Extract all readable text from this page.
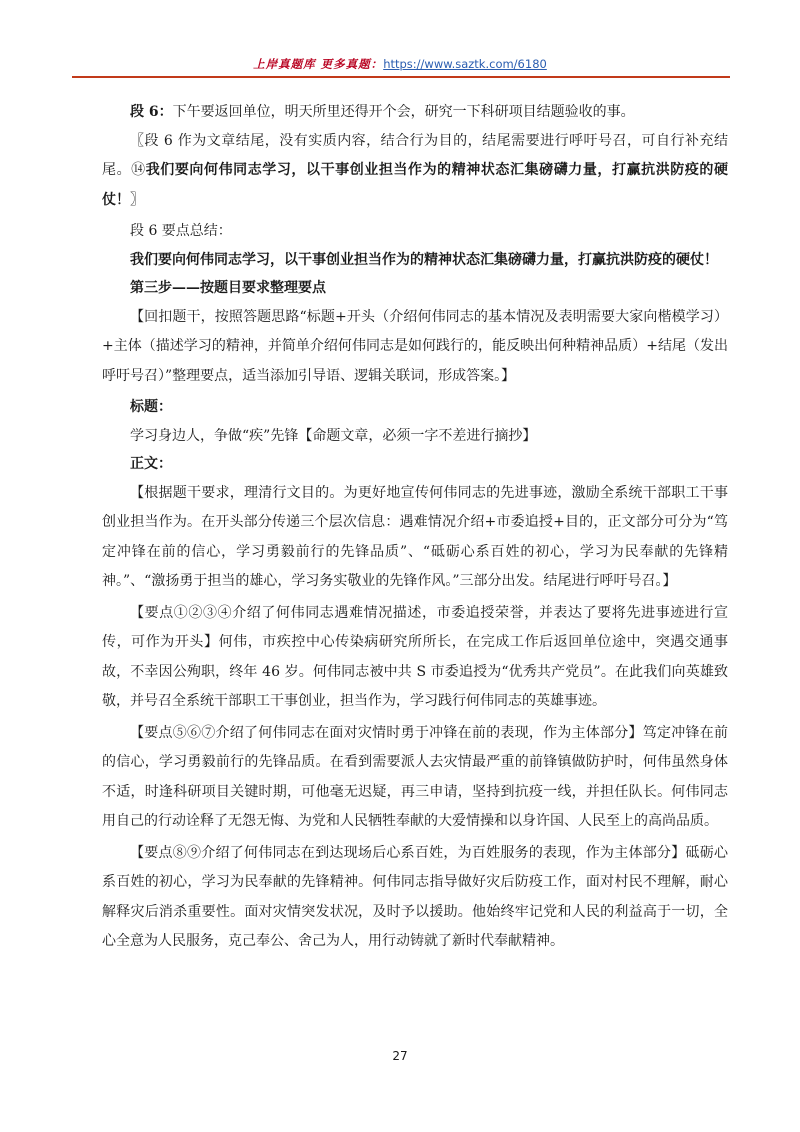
上岸真题库 更多真题：https://www.saztk.com/6180

段 6：下午要返回单位，明天所里还得开个会，研究一下科研项目结题验收的事。

〖段 6 作为文章结尾，没有实质内容，结合行为目的，结尾需要进行呼吁号召，可自行补充结尾。⑭我们要向何伟同志学习，以干事创业担当作为的精神状态汇集磅礴力量，打赢抗洪防疫的硬仗！〗

段 6 要点总结：

我们要向何伟同志学习，以干事创业担当作为的精神状态汇集磅礴力量，打赢抗洪防疫的硬仗！

第三步——按题目要求整理要点

【回扣题干，按照答题思路“标题+开头（介绍何伟同志的基本情况及表明需要大家向楷模学习）+主体（描述学习的精神，并简单介绍何伟同志是如何践行的，能反映出何种精神品质）+结尾（发出呼吁号召）”整理要点，适当添加引导语、逻辑关联词，形成答案。】

标题：

学习身边人，争做“疾”先锋【命题文章，必须一字不差进行摘抄】

正文：

【根据题干要求，理清行文目的。为更好地宣传何伟同志的先进事迹，激励全系统干部职工干事创业担当作为。在开头部分传递三个层次信息：遇难情况介绍+市委追授+目的，正文部分可分为“笃定冲锋在前的信心，学习勇毅前行的先锋品质”、“砥砺心系百姓的初心，学习为民奉献的先锋精神。”、“激扬勇于担当的雄心，学习务实敬业的先锋作风。”三部分出发。结尾进行呼吁号召。】

【要点①②③④介绍了何伟同志遇难情况描述，市委追授荣誉，并表达了要将先进事迹进行宣传，可作为开头】何伟，市疾控中心传染病研究所所长，在完成工作后返回单位途中，突遇交通事故，不幸因公殉职，终年 46 岁。何伟同志被中共 S 市委追授为“优秀共产党员”。在此我们向英雄致敬，并号召全系统干部职工干事创业，担当作为，学习践行何伟同志的英雄事迹。

【要点⑤⑥⑦介绍了何伟同志在面对灾情时勇于冲锋在前的表现，作为主体部分】笃定冲锋在前的信心，学习勇毅前行的先锋品质。在看到需要派人去灾情最严重的前锋镇做防护时，何伟虽然身体不适，时逢科研项目关键时期，可他毫无迟疑，再三申请，坚持到抗疫一线，并担任队长。何伟同志用自己的行动诠释了无怨无悔、为党和人民牺牲奉献的大爱情操和以身许国、人民至上的高尚品质。

【要点⑧⑨介绍了何伟同志在到达现场后心系百姓，为百姓服务的表现，作为主体部分】砥砺心系百姓的初心，学习为民奉献的先锋精神。何伟同志指导做好灾后防疫工作，面对村民不理解，耐心解释灾后消杀重要性。面对灾情突发状况，及时予以援助。他始终牢记党和人民的利益高于一切，全心全意为人民服务，克己奉公、舍己为人，用行动铸就了新时代奉献精神。

27
